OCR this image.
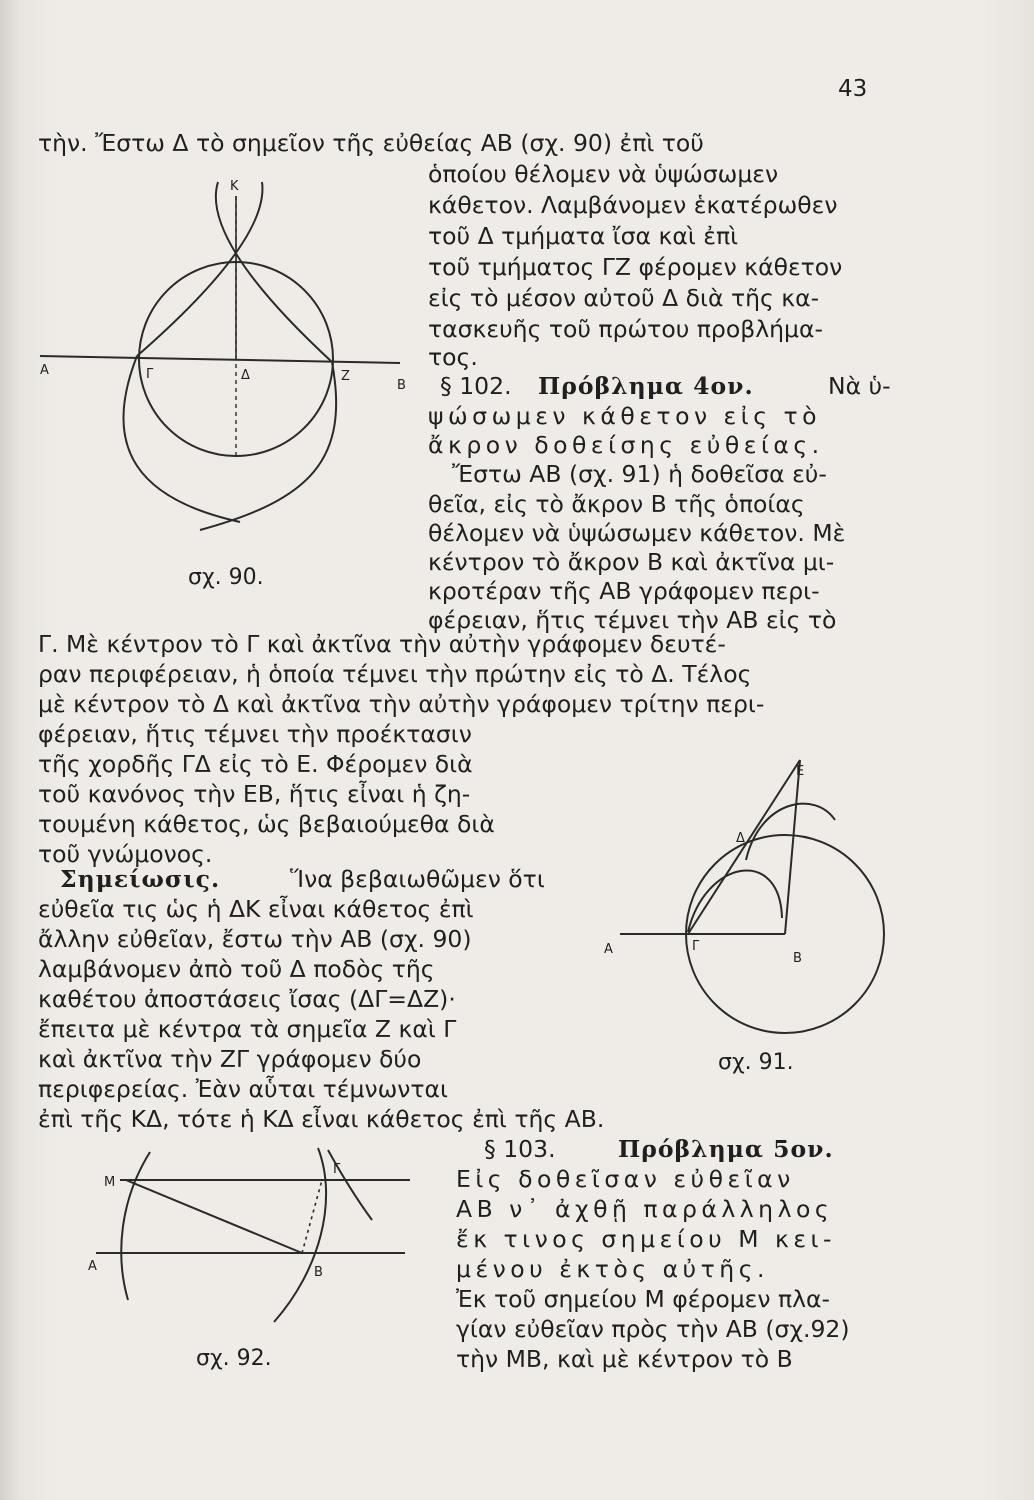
43
τὴν. Ἔστω Δ τὸ σημεῖον τῆς εὐθείας ΑΒ (σχ. 90) ἐπὶ τοῦ
ὁποίου θέλομεν νὰ ὑψώσωμεν
κάθετον. Λαμβάνομεν ἑκατέρωθεν
τοῦ Δ τμήματα ἴσα καὶ ἐπὶ
τοῦ τμήματος ΓΖ φέρομεν κάθετον
εἰς τὸ μέσον αὐτοῦ Δ διὰ τῆς κα-
τασκευῆς τοῦ πρώτου προβλήμα-
τος.
§ 102. Πρόβλημα 4ον.	Νὰ ὑ-
ψώσωμεν κάθετον εἰς τὸ
ἄκρον δοθείσης εὐθείας.
Ἔστω ΑΒ (σχ. 91) ἡ δοθεῖσα εὐ-
θεῖα, εἰς τὸ ἄκρον Β τῆς ὁποίας
θέλομεν νὰ ὑψώσωμεν κάθετον. Μὲ
κέντρον τὸ ἄκρον Β καὶ ἀκτῖνα μι-
κροτέραν τῆς ΑΒ γράφομεν περι-
φέρειαν, ἥτις τέμνει τὴν ΑΒ εἰς τὸ
Γ. Μὲ κέντρον τὸ Γ καὶ ἀκτῖνα τὴν αὐτὴν γράφομεν δευτέ-
ραν περιφέρειαν, ἡ ὁποία τέμνει τὴν πρώτην εἰς τὸ Δ. Τέλος
μὲ κέντρον τὸ Δ καὶ ἀκτῖνα τὴν αὐτὴν γράφομεν τρίτην περι-
φέρειαν, ἥτις τέμνει τὴν προέκτασιν
τῆς χορδῆς ΓΔ εἰς τὸ Ε. Φέρομεν διὰ
τοῦ κανόνος τὴν ΕΒ, ἥτις εἶναι ἡ ζη-
τουμένη κάθετος, ὡς βεβαιούμεθα διὰ
τοῦ γνώμονος.
Σημείωσις.	Ἵνα βεβαιωθῶμεν ὅτι
εὐθεῖα τις ὡς ἡ ΔΚ εἶναι κάθετος ἐπὶ
ἄλλην εὐθεῖαν, ἔστω τὴν ΑΒ (σχ. 90)
λαμβάνομεν ἀπὸ τοῦ Δ ποδὸς τῆς
καθέτου ἀποστάσεις ἴσας (ΔΓ=ΔΖ)·
ἔπειτα μὲ κέντρα τὰ σημεῖα Ζ καὶ Γ
καὶ ἀκτῖνα τὴν ΖΓ γράφομεν δύο
περιφερείας. Ἐὰν αὗται τέμνωνται
ἐπὶ τῆς ΚΔ, τότε ἡ ΚΔ εἶναι κάθετος ἐπὶ τῆς ΑΒ.
§ 103.	Πρόβλημα 5ον.
Εἰς δοθεῖσαν εὐθεῖαν
ΑΒ ν᾽ ἀχθῇ παράλληλος
ἔκ τινος σημείου Μ κει-
μένου ἐκτὸς αὐτῆς.
Ἐκ τοῦ σημείου Μ φέρομεν πλα-
γίαν εὐθεῖαν πρὸς τὴν ΑΒ (σχ.92)
τὴν ΜΒ, καὶ μὲ κέντρον τὸ Β
Κ
Α	Γ	Δ	Ζ
Β
σχ. 90.
Ε
Δ
Α	Γ
Β
σχ. 91.
Μ
Γ
Α	Β
σχ. 92.
